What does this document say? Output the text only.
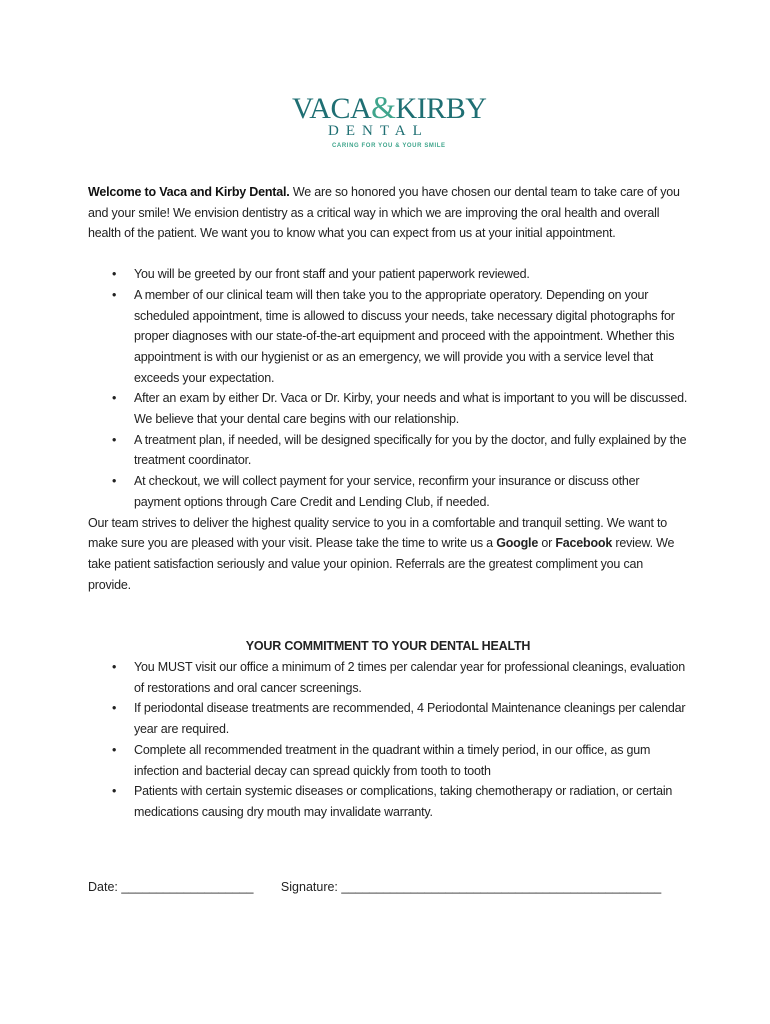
VACA&KIRBY
DENTAL
CARING FOR YOU & YOUR SMILE

Welcome to Vaca and Kirby Dental. We are so honored you have chosen our dental team to take care of you and your smile! We envision dentistry as a critical way in which we are improving the oral health and overall health of the patient. We want you to know what you can expect from us at your initial appointment.

• You will be greeted by our front staff and your patient paperwork reviewed.
• A member of our clinical team will then take you to the appropriate operatory. Depending on your scheduled appointment, time is allowed to discuss your needs, take necessary digital photographs for proper diagnoses with our state-of-the-art equipment and proceed with the appointment. Whether this appointment is with our hygienist or as an emergency, we will provide you with a service level that exceeds your expectation.
• After an exam by either Dr. Vaca or Dr. Kirby, your needs and what is important to you will be discussed. We believe that your dental care begins with our relationship.
• A treatment plan, if needed, will be designed specifically for you by the doctor, and fully explained by the treatment coordinator.
• At checkout, we will collect payment for your service, reconfirm your insurance or discuss other payment options through Care Credit and Lending Club, if needed.

Our team strives to deliver the highest quality service to you in a comfortable and tranquil setting. We want to make sure you are pleased with your visit. Please take the time to write us a Google or Facebook review. We take patient satisfaction seriously and value your opinion. Referrals are the greatest compliment you can provide.

YOUR COMMITMENT TO YOUR DENTAL HEALTH
• You MUST visit our office a minimum of 2 times per calendar year for professional cleanings, evaluation of restorations and oral cancer screenings.
• If periodontal disease treatments are recommended, 4 Periodontal Maintenance cleanings per calendar year are required.
• Complete all recommended treatment in the quadrant within a timely period, in our office, as gum infection and bacterial decay can spread quickly from tooth to tooth
• Patients with certain systemic diseases or complications, taking chemotherapy or radiation, or certain medications causing dry mouth may invalidate warranty.
Date: ___________________ Signature: ______________________________________________
